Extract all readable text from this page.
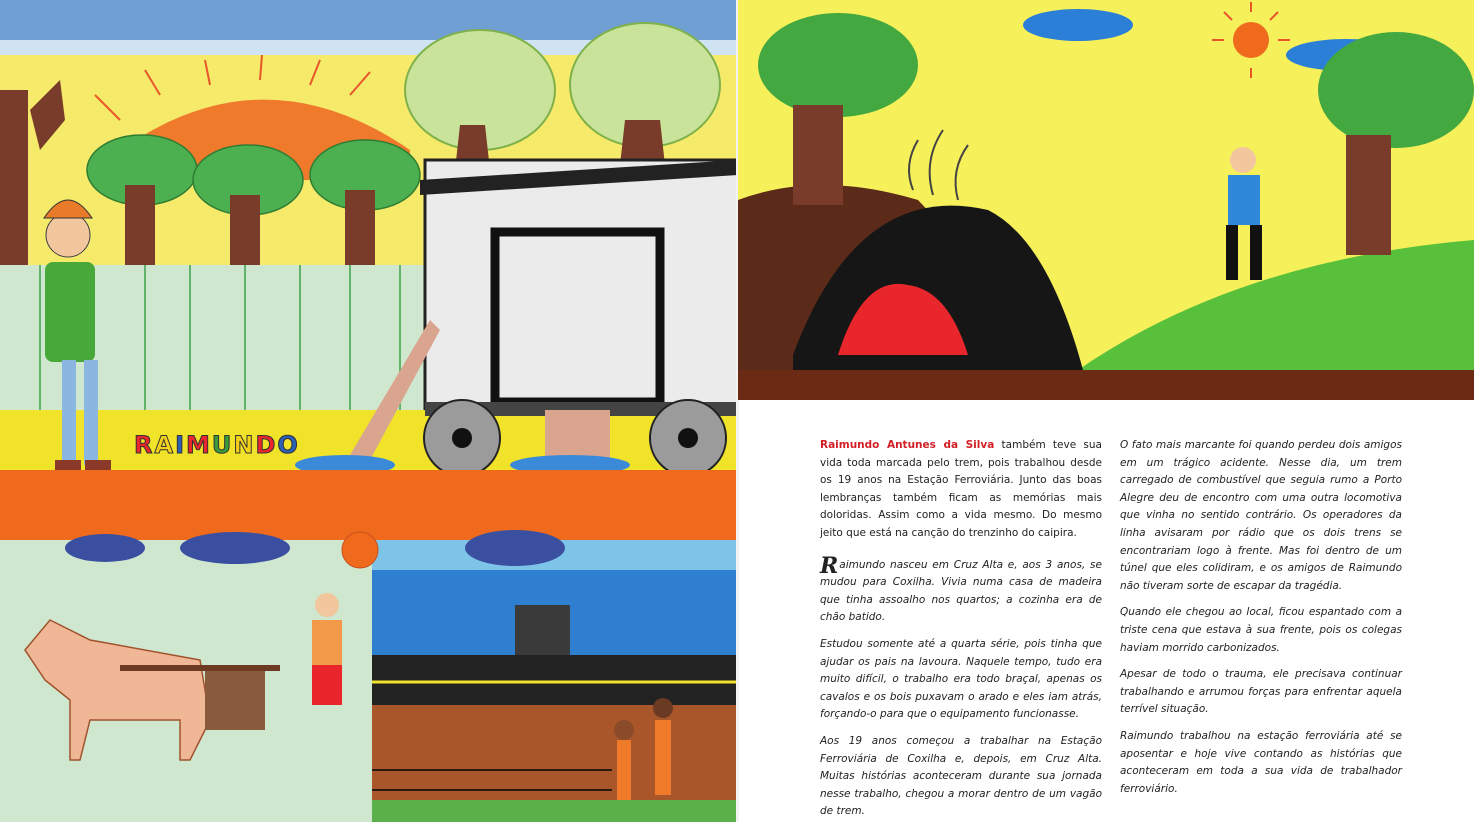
RAIMUNDO	Raimundo Antunes da Silva também teve sua vida toda marcada pelo trem, pois trabalhou desde os 19 anos na Estação Ferroviária. Junto das boas lembranças também ficam as memórias mais doloridas. Assim como a vida mesmo. Do mesmo jeito que está na canção do trenzinho do caipira.

Raimundo nasceu em Cruz Alta e, aos 3 anos, se mudou para Coxilha. Vivia numa casa de madeira que tinha assoalho nos quartos; a cozinha era de chão batido.

Estudou somente até a quarta série, pois tinha que ajudar os pais na lavoura. Naquele tempo, tudo era muito difícil, o trabalho era todo braçal, apenas os cavalos e os bois puxavam o arado e eles iam atrás, forçando-o para que o equipamento funcionasse.

Aos 19 anos começou a trabalhar na Estação Ferroviária de Coxilha e, depois, em Cruz Alta. Muitas histórias aconteceram durante sua jornada nesse trabalho, chegou a morar dentro de um vagão de trem.

O fato mais marcante foi quando perdeu dois amigos em um trágico acidente. Nesse dia, um trem carregado de combustível que seguia rumo a Porto Alegre deu de encontro com uma outra locomotiva que vinha no sentido contrário. Os operadores da linha avisaram por rádio que os dois trens se encontrariam logo à frente. Mas foi dentro de um túnel que eles colidiram, e os amigos de Raimundo não tiveram sorte de escapar da tragédia.

Quando ele chegou ao local, ficou espantado com a triste cena que estava à sua frente, pois os colegas haviam morrido carbonizados.

Apesar de todo o trauma, ele precisava continuar trabalhando e arrumou forças para enfrentar aquela terrível situação.

Raimundo trabalhou na estação ferroviária até se aposentar e hoje vive contando as histórias que aconteceram em toda a sua vida de trabalhador ferroviário.
